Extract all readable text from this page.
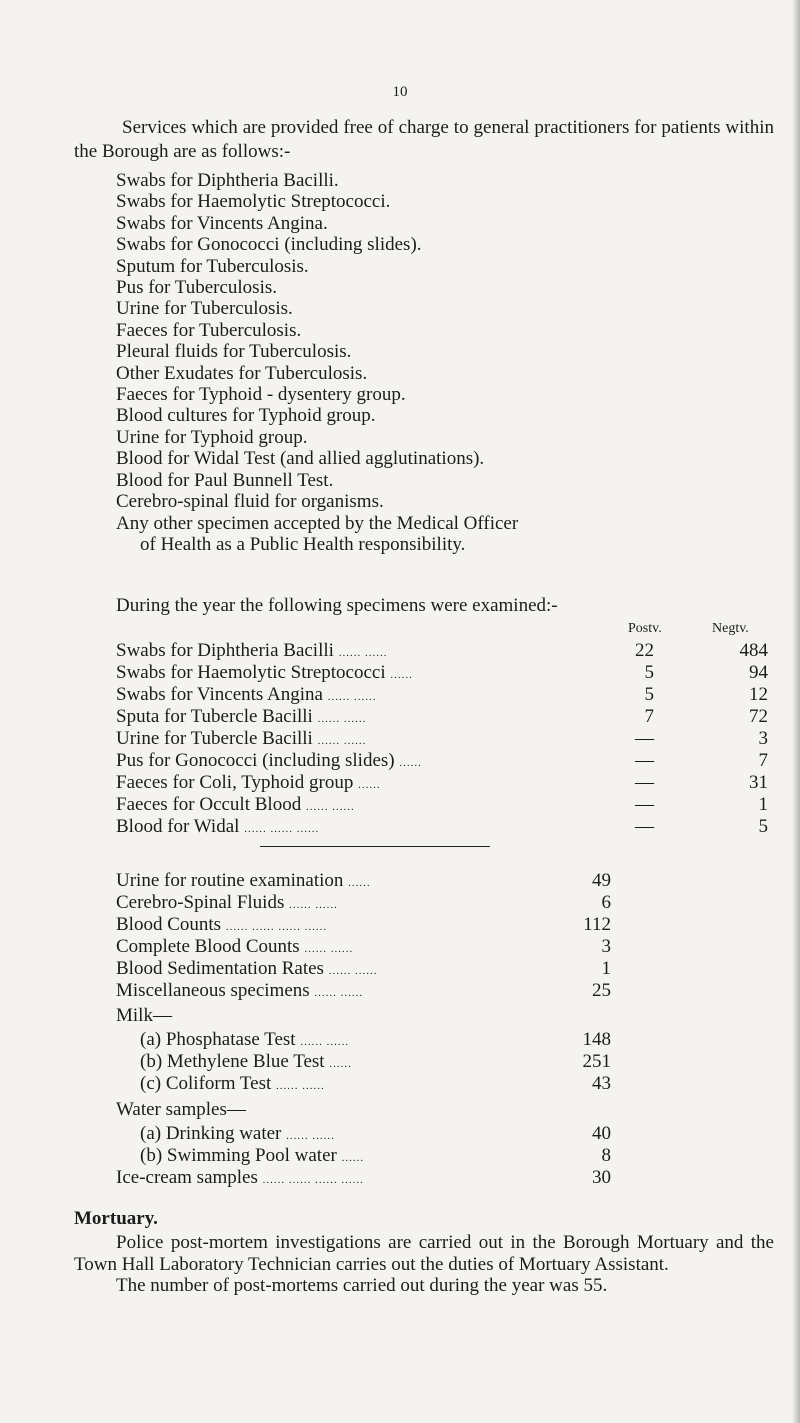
10
Services which are provided free of charge to general practitioners for patients within the Borough are as follows:-
Swabs for Diphtheria Bacilli.
Swabs for Haemolytic Streptococci.
Swabs for Vincents Angina.
Swabs for Gonococci (including slides).
Sputum for Tuberculosis.
Pus for Tuberculosis.
Urine for Tuberculosis.
Faeces for Tuberculosis.
Pleural fluids for Tuberculosis.
Other Exudates for Tuberculosis.
Faeces for Typhoid - dysentery group.
Blood cultures for Typhoid group.
Urine for Typhoid group.
Blood for Widal Test (and allied agglutinations).
Blood for Paul Bunnell Test.
Cerebro-spinal fluid for organisms.
Any other specimen accepted by the Medical Officer
of Health as a Public Health responsibility.
During the year the following specimens were examined:-
Postv.	Negtv.
Swabs for Diphtheria Bacilli ...... ......	22	484
Swabs for Haemolytic Streptococci ......	5	94
Swabs for Vincents Angina ...... ......	5	12
Sputa for Tubercle Bacilli ...... ......	7	72
Urine for Tubercle Bacilli ...... ......	—	3
Pus for Gonococci (including slides) ......	—	7
Faeces for Coli, Typhoid group ......	—	31
Faeces for Occult Blood ...... ......	—	1
Blood for Widal ...... ...... ......	—	5
Urine for routine examination ......	49
Cerebro-Spinal Fluids ...... ......	6
Blood Counts ...... ...... ...... ......	112
Complete Blood Counts ...... ......	3
Blood Sedimentation Rates ...... ......	1
Miscellaneous specimens ...... ......	25
Milk—
(a) Phosphatase Test ...... ......	148
(b) Methylene Blue Test ......	251
(c) Coliform Test ...... ......	43
Water samples—
(a) Drinking water ...... ......	40
(b) Swimming Pool water ......	8
Ice-cream samples ...... ...... ...... ......	30
Mortuary.

Police post-mortem investigations are carried out in the Borough Mortuary and the Town Hall Laboratory Technician carries out the duties of Mortuary Assistant.

The number of post-mortems carried out during the year was 55.
